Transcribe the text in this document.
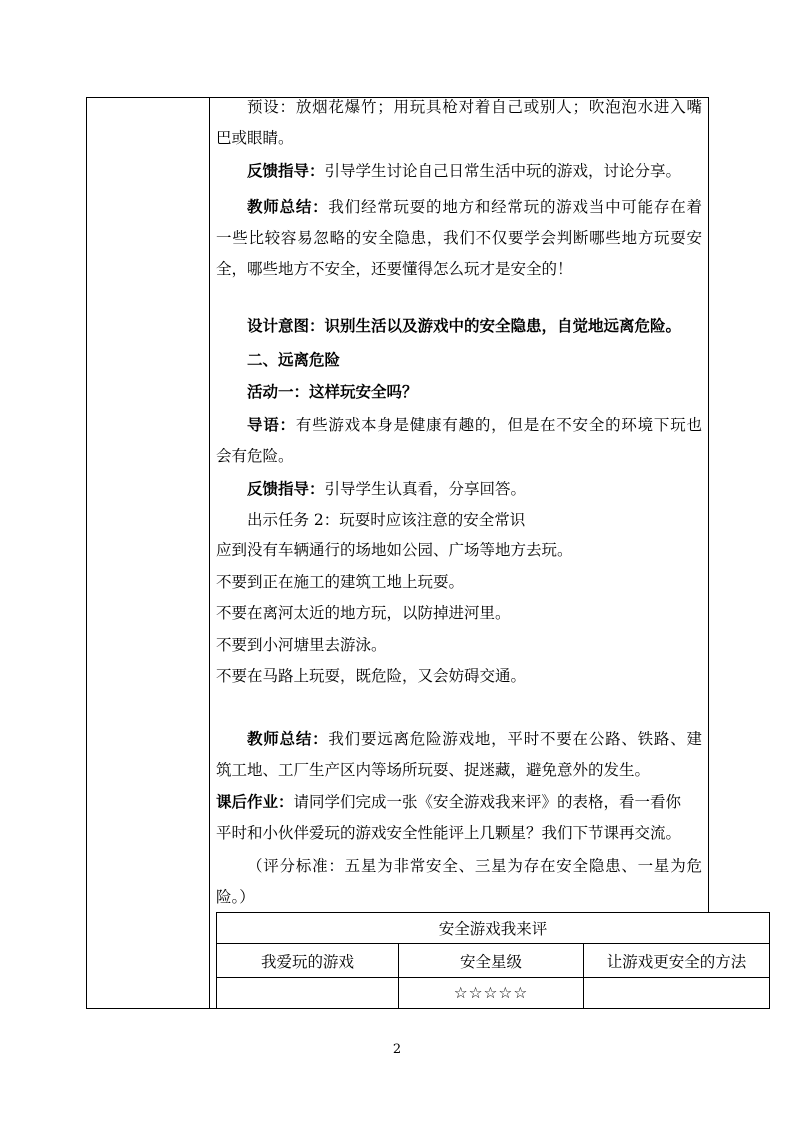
预设：放烟花爆竹；用玩具枪对着自己或别人；吹泡泡水进入嘴
巴或眼睛。
反馈指导：引导学生讨论自己日常生活中玩的游戏，讨论分享。
教师总结：我们经常玩耍的地方和经常玩的游戏当中可能存在着
一些比较容易忽略的安全隐患，我们不仅要学会判断哪些地方玩耍安
全，哪些地方不安全，还要懂得怎么玩才是安全的！
设计意图：识别生活以及游戏中的安全隐患，自觉地远离危险。
二、远离危险
活动一：这样玩安全吗？
导语：有些游戏本身是健康有趣的，但是在不安全的环境下玩也
会有危险。
反馈指导：引导学生认真看，分享回答。
出示任务 2：玩耍时应该注意的安全常识
应到没有车辆通行的场地如公园、广场等地方去玩。
不要到正在施工的建筑工地上玩耍。
不要在离河太近的地方玩，以防掉进河里。
不要到小河塘里去游泳。
不要在马路上玩耍，既危险，又会妨碍交通。
教师总结：我们要远离危险游戏地，平时不要在公路、铁路、建
筑工地、工厂生产区内等场所玩耍、捉迷藏，避免意外的发生。
课后作业：请同学们完成一张《安全游戏我来评》的表格，看一看你
平时和小伙伴爱玩的游戏安全性能评上几颗星？我们下节课再交流。
（评分标准：五星为非常安全、三星为存在安全隐患、一星为危
险。）
安全游戏我来评		
我爱玩的游戏	安全星级	让游戏更安全的方法
	☆☆☆☆☆	
2
